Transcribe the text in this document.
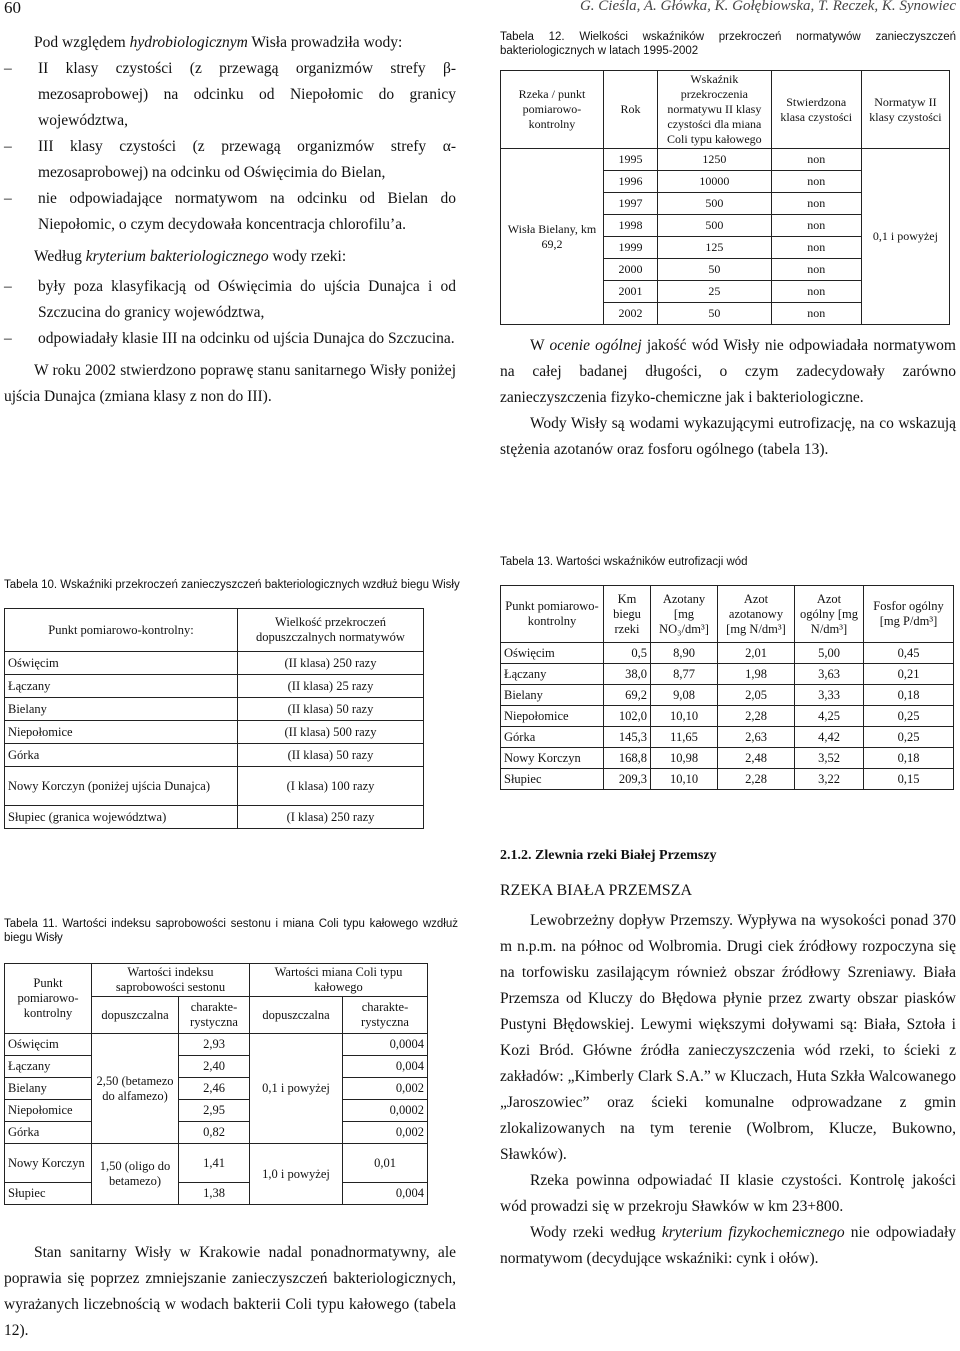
60	G. Cieśla, A. Główka, K. Gołębiowska, T. Reczek, K. Synowiec

Pod względem hydrobiologicznym Wisła prowadziła wody:

– II klasy czystości (z przewagą organizmów strefy β-mezosaprobowej) na odcinku od Niepołomic do granicy województwa,
– III klasy czystości (z przewagą organizmów strefy α-mezosaprobowej) na odcinku od Oświęcimia do Bielan,
– nie odpowiadające normatywom na odcinku od Bielan do Niepołomic, o czym decydowała koncentracja chlorofilu’a.

Według kryterium bakteriologicznego wody rzeki:

– były poza klasyfikacją od Oświęcimia do ujścia Dunajca i od Szczucina do granicy województwa,
– odpowiadały klasie III na odcinku od ujścia Dunajca do Szczucina.

W roku 2002 stwierdzono poprawę stanu sanitarnego Wisły poniżej ujścia Dunajca (zmiana klasy z non do III).

Tabela 12. Wielkości wskaźników przekroczeń normatywów zanieczyszczeń bakteriologicznych w latach 1995-2002
Rzeka / punkt pomiarowo-kontrolny	Rok	Wskaźnik przekroczenia normatywu II klasy czystości dla miana Coli typu kałowego	Stwierdzona klasa czystości	Normatyw II klasy czystości
Wisła Bielany, km 69,2	1995	1250	non	0,1 i powyżej
	1996	10000	non	
	1997	500	non	
	1998	500	non	
	1999	125	non	
	2000	50	non	
	2001	25	non	
	2002	50	non	

W ocenie ogólnej jakość wód Wisły nie odpowiadała normatywom na całej badanej długości, o czym zadecydowały zarówno zanieczyszczenia fizyko-chemiczne jak i bakteriologiczne.

Wody Wisły są wodami wykazującymi eutrofizację, na co wskazują stężenia azotanów oraz fosforu ogólnego (tabela 13).

Tabela 10. Wskaźniki przekroczeń zanieczyszczeń bakteriologicznych wzdłuż biegu Wisły
Punkt pomiarowo-kontrolny:	Wielkość przekroczeń dopuszczalnych normatywów
Oświęcim	(II klasa) 250 razy
Łączany	(II klasa) 25 razy
Bielany	(II klasa) 50 razy
Niepołomice	(II klasa) 500 razy
Górka	(II klasa) 50 razy
Nowy Korczyn (poniżej ujścia Dunajca)	(I klasa) 100 razy
Słupiec (granica województwa)	(I klasa) 250 razy
Tabela 11. Wartości indeksu saprobowości sestonu i miana Coli typu kałowego wzdłuż biegu Wisły
Punkt pomiarowo-kontrolny	Wartości indeksu saprobowości sestonu		Wartości miana Coli typu kałowego	
	dopuszczalna	charakte-rystyczna	dopuszczalna	charakte-rystyczna
Oświęcim	2,50 (betamezo do alfamezo)	2,93	0,1 i powyżej	0,0004
Łączany		2,40		0,004
Bielany		2,46		0,002
Niepołomice		2,95		0,0002
Górka		0,82		0,002
Nowy Korczyn	1,50 (oligo do betamezo)	1,41	1,0 i powyżej	0,01
Słupiec		1,38		0,004

Stan sanitarny Wisły w Krakowie nadal ponadnormatywny, ale poprawia się poprzez zmniejszanie zanieczyszczeń bakteriologicznych, wyrażanych liczebnością w wodach bakterii Coli typu kałowego (tabela 12).

Tabela 13. Wartości wskaźników eutrofizacji wód
Punkt pomiarowo-kontrolny	Km biegu rzeki	Azotany [mg NO₃/dm³]	Azot azotanowy [mg N/dm³]	Azot ogólny [mg N/dm³]	Fosfor ogólny [mg P/dm³]
Oświęcim	0,5	8,90	2,01	5,00	0,45
Łączany	38,0	8,77	1,98	3,63	0,21
Bielany	69,2	9,08	2,05	3,33	0,18
Niepołomice	102,0	10,10	2,28	4,25	0,25
Górka	145,3	11,65	2,63	4,42	0,25
Nowy Korczyn	168,8	10,98	2,48	3,52	0,18
Słupiec	209,3	10,10	2,28	3,22	0,15
2.1.2. Zlewnia rzeki Białej Przemszy

RZEKA BIAŁA PRZEMSZA

Lewobrzeżny dopływ Przemszy. Wypływa na wysokości ponad 370 m n.p.m. na północ od Wolbromia. Drugi ciek źródłowy rozpoczyna się na torfowisku zasilającym również obszar źródłowy Szreniawy. Biała Przemsza od Kluczy do Błędowa płynie przez zwarty obszar piasków Pustyni Błędowskiej. Lewymi większymi doływami są: Biała, Sztoła i Kozi Bród. Główne źródła zanieczyszczenia wód rzeki, to ścieki z zakładów: „Kimberly Clark S.A.” w Kluczach, Huta Szkła Walcowanego „Jaroszowiec” oraz ścieki komunalne odprowadzane z gmin zlokalizowanych na tym terenie (Wolbrom, Klucze, Bukowno, Sławków).

Rzeka powinna odpowiadać II klasie czystości. Kontrolę jakości wód prowadzi się w przekroju Sławków w km 23+800.

Wody rzeki według kryterium fizykochemicznego nie odpowiadały normatywom (decydujące wskaźniki: cynk i ołów).
